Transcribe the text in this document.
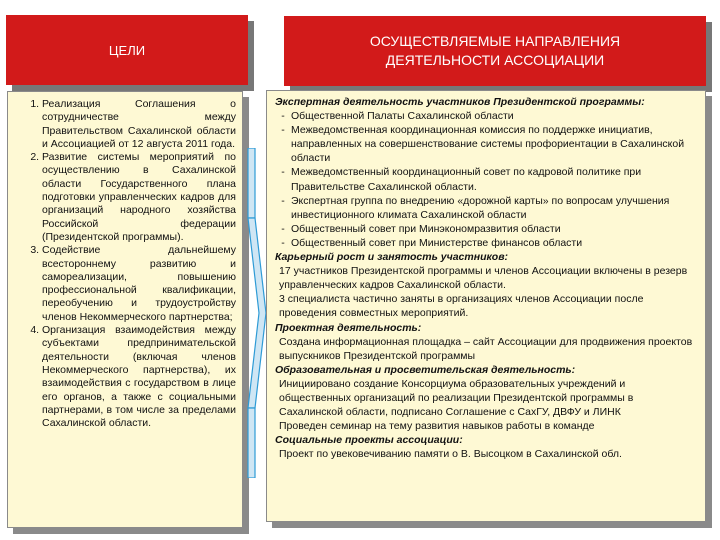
ЦЕЛИ
ОСУЩЕСТВЛЯЕМЫЕ НАПРАВЛЕНИЯ
ДЕЯТЕЛЬНОСТИ АССОЦИАЦИИ
1. Реализация Соглашения о сотрудничестве между Правительством Сахалинской области и Ассоциацией от 12 августа 2011 года.
2. Развитие системы мероприятий по осуществлению в Сахалинской области Государственного плана подготовки управленческих кадров для организаций народного хозяйства Российской федерации (Президентской программы).
3. Содействие дальнейшему всестороннему развитию и самореализации, повышению профессиональной квалификации, переобучению и трудоустройству членов Некоммерческого партнерства;
4. Организация взаимодействия между субъектами предпринимательской деятельности (включая членов Некоммерческого партнерства), их взаимодействия с государством в лице его органов, а также с социальными партнерами, в том числе за пределами Сахалинской области.
Экспертная деятельность участников Президентской программы:
- Общественной Палаты Сахалинской области
- Межведомственная координационная комиссия по поддержке инициатив, направленных на совершенствование системы профориентации в Сахалинской области
- Межведомственный координационный совет по кадровой политике при Правительстве Сахалинской области.
- Экспертная группа по внедрению «дорожной карты» по вопросам улучшения инвестиционного климата Сахалинской области
- Общественный совет при Минэкономразвития области
- Общественный совет при Министерстве финансов области
Карьерный рост и занятость участников:
17 участников Президентской программы и членов Ассоциации включены в резерв управленческих кадров Сахалинской области.
3 специалиста частично заняты в организациях членов Ассоциации после проведения совместных мероприятий.
Проектная деятельность:
Создана информационная площадка – сайт Ассоциации для продвижения проектов выпускников Президентской программы
Образовательная и просветительская деятельность:
Инициировано создание Консорциума образовательных учреждений и общественных организаций по реализации Президентской программы в Сахалинской области, подписано Соглашение с СахГУ, ДВФУ и ЛИНК
Проведен семинар на тему развития навыков работы в команде
Социальные проекты ассоциации:
Проект по увековечиванию памяти о В. Высоцком в Сахалинской обл.
